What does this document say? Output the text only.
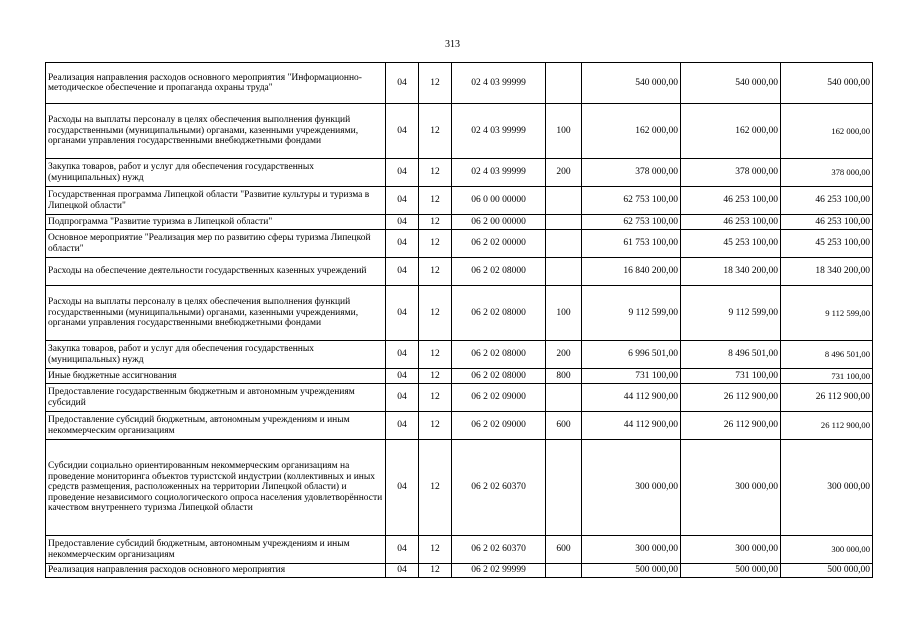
313
Реализация направления расходов основного мероприятия "Информационно-методическое обеспечение и пропаганда охраны труда"	04	12	02 4 03 99999		540 000,00	540 000,00	540 000,00
Расходы на выплаты персоналу в целях обеспечения выполнения функций государственными (муниципальными) органами, казенными учреждениями, органами управления государственными внебюджетными фондами	04	12	02 4 03 99999	100	162 000,00	162 000,00	162 000,00
Закупка товаров, работ и услуг для обеспечения государственных (муниципальных) нужд	04	12	02 4 03 99999	200	378 000,00	378 000,00	378 000,00
Государственная программа Липецкой области "Развитие культуры и туризма в Липецкой области"	04	12	06 0 00 00000		62 753 100,00	46 253 100,00	46 253 100,00
Подпрограмма "Развитие туризма в Липецкой области"	04	12	06 2 00 00000		62 753 100,00	46 253 100,00	46 253 100,00
Основное мероприятие "Реализация мер по развитию сферы туризма Липецкой области"	04	12	06 2 02 00000		61 753 100,00	45 253 100,00	45 253 100,00
Расходы на обеспечение деятельности государственных казенных учреждений	04	12	06 2 02 08000		16 840 200,00	18 340 200,00	18 340 200,00
Расходы на выплаты персоналу в целях обеспечения выполнения функций государственными (муниципальными) органами, казенными учреждениями, органами управления государственными внебюджетными фондами	04	12	06 2 02 08000	100	9 112 599,00	9 112 599,00	9 112 599,00
Закупка товаров, работ и услуг для обеспечения государственных (муниципальных) нужд	04	12	06 2 02 08000	200	6 996 501,00	8 496 501,00	8 496 501,00
Иные бюджетные ассигнования	04	12	06 2 02 08000	800	731 100,00	731 100,00	731 100,00
Предоставление государственным бюджетным и автономным учреждениям субсидий	04	12	06 2 02 09000		44 112 900,00	26 112 900,00	26 112 900,00
Предоставление субсидий бюджетным, автономным учреждениям и иным некоммерческим организациям	04	12	06 2 02 09000	600	44 112 900,00	26 112 900,00	26 112 900,00
Субсидии социально ориентированным некоммерческим организациям на проведение мониторинга объектов туристской индустрии (коллективных и иных средств размещения, расположенных на территории Липецкой области) и проведение независимого социологического опроса населения удовлетворённости качеством внутреннего туризма Липецкой области	04	12	06 2 02 60370		300 000,00	300 000,00	300 000,00
Предоставление субсидий бюджетным, автономным учреждениям и иным некоммерческим организациям	04	12	06 2 02 60370	600	300 000,00	300 000,00	300 000,00
Реализация направления расходов основного мероприятия	04	12	06 2 02 99999		500 000,00	500 000,00	500 000,00
